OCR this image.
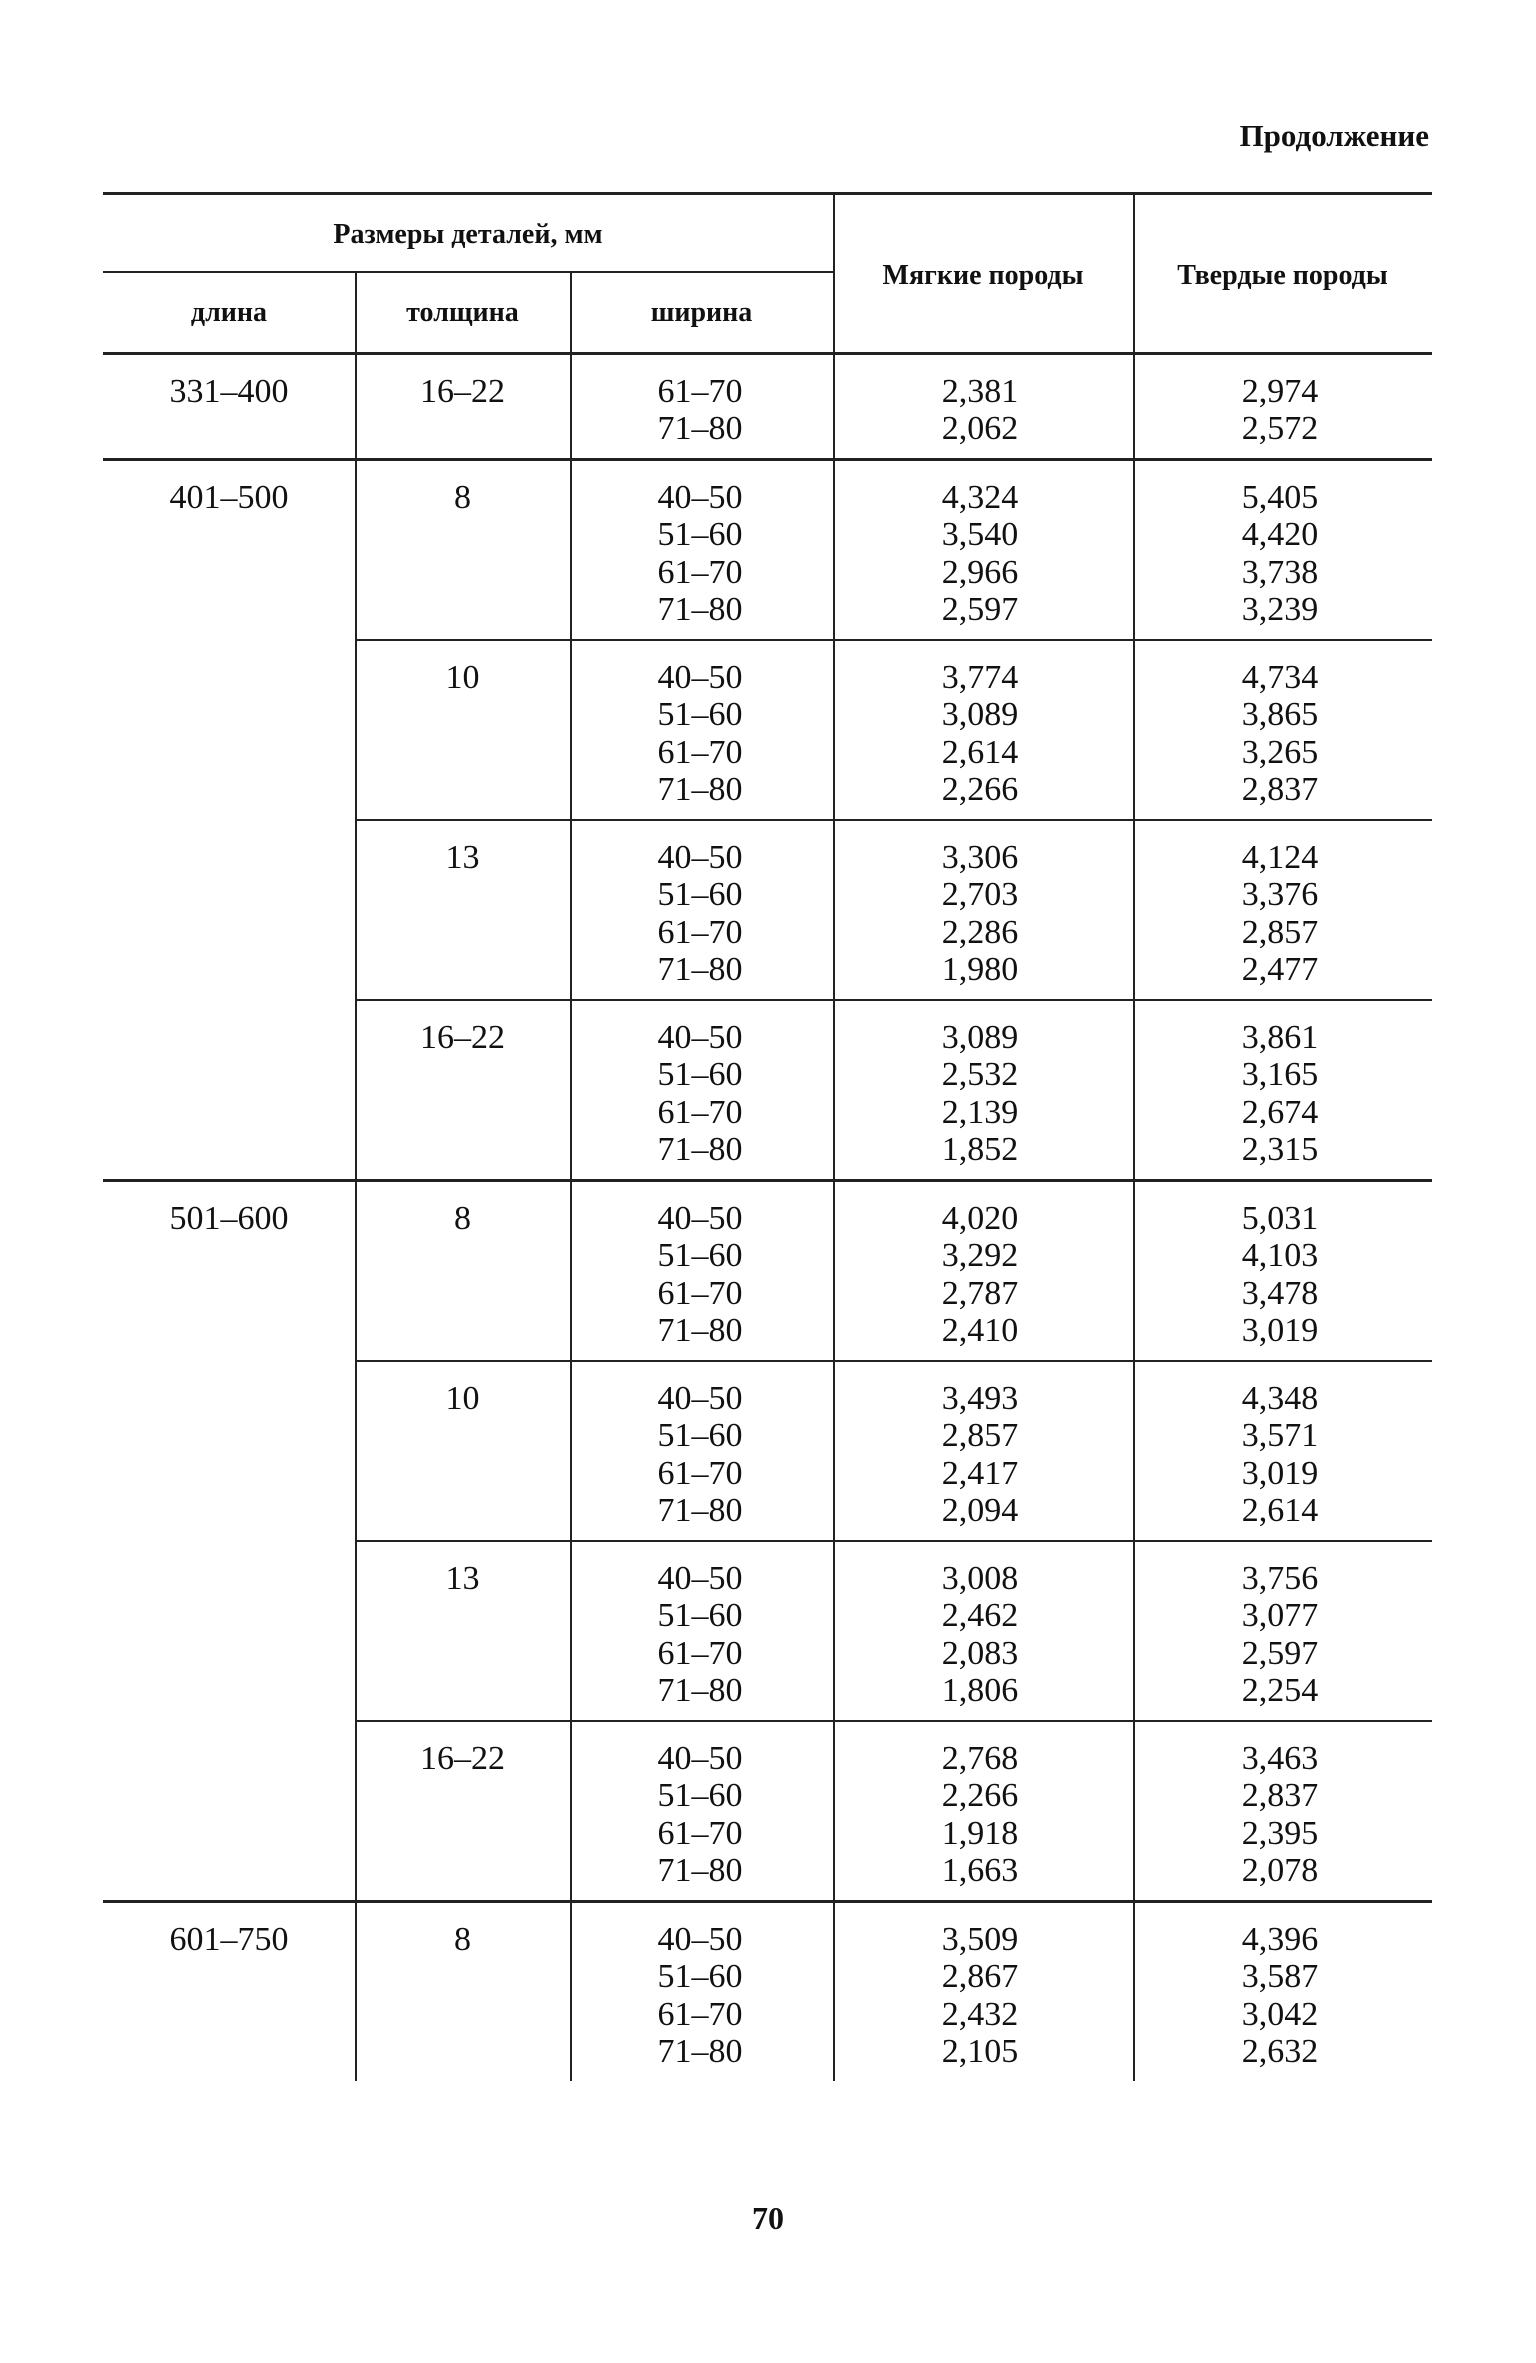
Продолжение
Размеры деталей, мм
длина	толщина	ширина
Мягкие породы	Твердые породы
331–400	16–22	61–70	2,381	2,974
71–80	2,062	2,572
401–500	8	40–50	4,324	5,405
51–60	3,540	4,420
61–70	2,966	3,738
71–80	2,597	3,239
10	40–50	3,774	4,734
51–60	3,089	3,865
61–70	2,614	3,265
71–80	2,266	2,837
13	40–50	3,306	4,124
51–60	2,703	3,376
61–70	2,286	2,857
71–80	1,980	2,477
16–22	40–50	3,089	3,861
51–60	2,532	3,165
61–70	2,139	2,674
71–80	1,852	2,315
501–600	8	40–50	4,020	5,031
51–60	3,292	4,103
61–70	2,787	3,478
71–80	2,410	3,019
10	40–50	3,493	4,348
51–60	2,857	3,571
61–70	2,417	3,019
71–80	2,094	2,614
13	40–50	3,008	3,756
51–60	2,462	3,077
61–70	2,083	2,597
71–80	1,806	2,254
16–22	40–50	2,768	3,463
51–60	2,266	2,837
61–70	1,918	2,395
71–80	1,663	2,078
601–750	8	40–50	3,509	4,396
51–60	2,867	3,587
61–70	2,432	3,042
71–80	2,105	2,632
70
